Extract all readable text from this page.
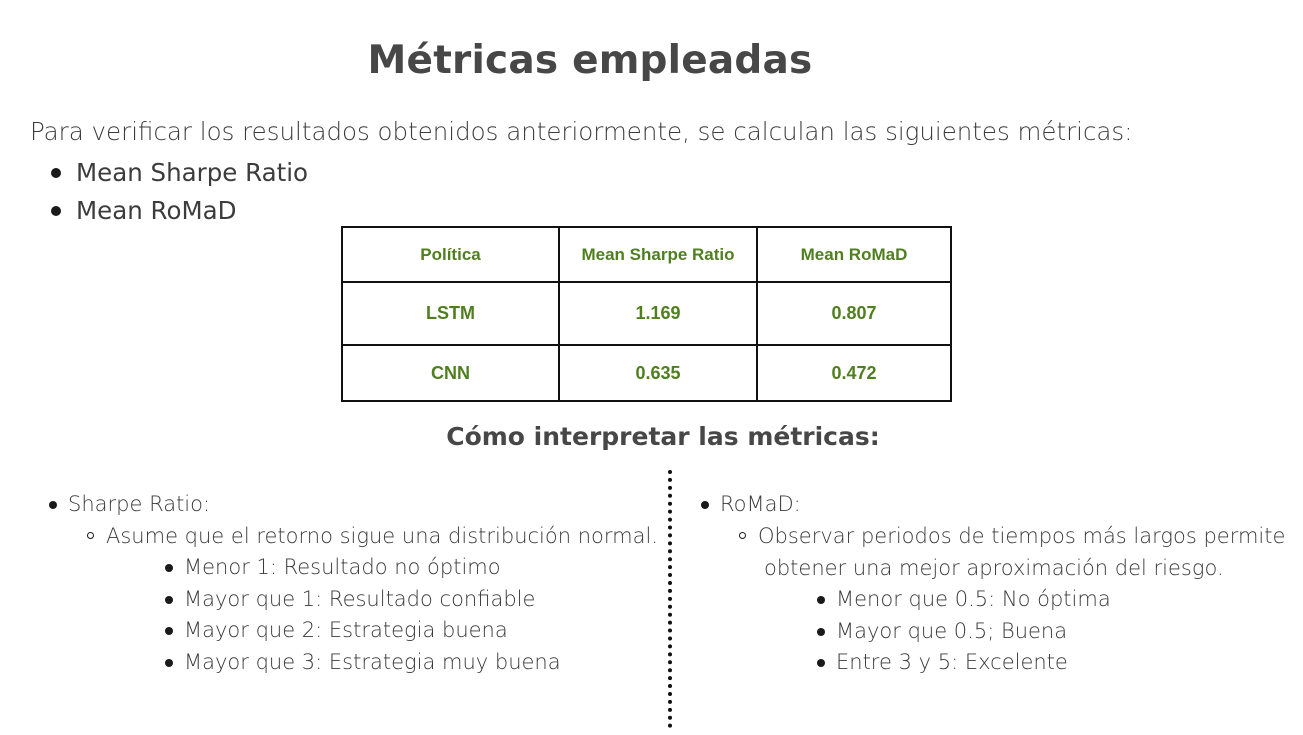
Métricas empleadas

Para verificar los resultados obtenidos anteriormente, se calculan las siguientes métricas:

Mean Sharpe Ratio
Mean RoMaD
Política	Mean Sharpe Ratio	Mean RoMaD
LSTM	1.169	0.807
CNN	0.635	0.472
Cómo interpretar las métricas:
Sharpe Ratio:
Asume que el retorno sigue una distribución normal.
Menor 1: Resultado no óptimo
Mayor que 1: Resultado confiable
Mayor que 2: Estrategia buena
Mayor que 3: Estrategia muy buena
RoMaD:
Observar periodos de tiempos más largos permite
obtener una mejor aproximación del riesgo.
Menor que 0.5: No óptima
Mayor que 0.5; Buena
Entre 3 y 5: Excelente
